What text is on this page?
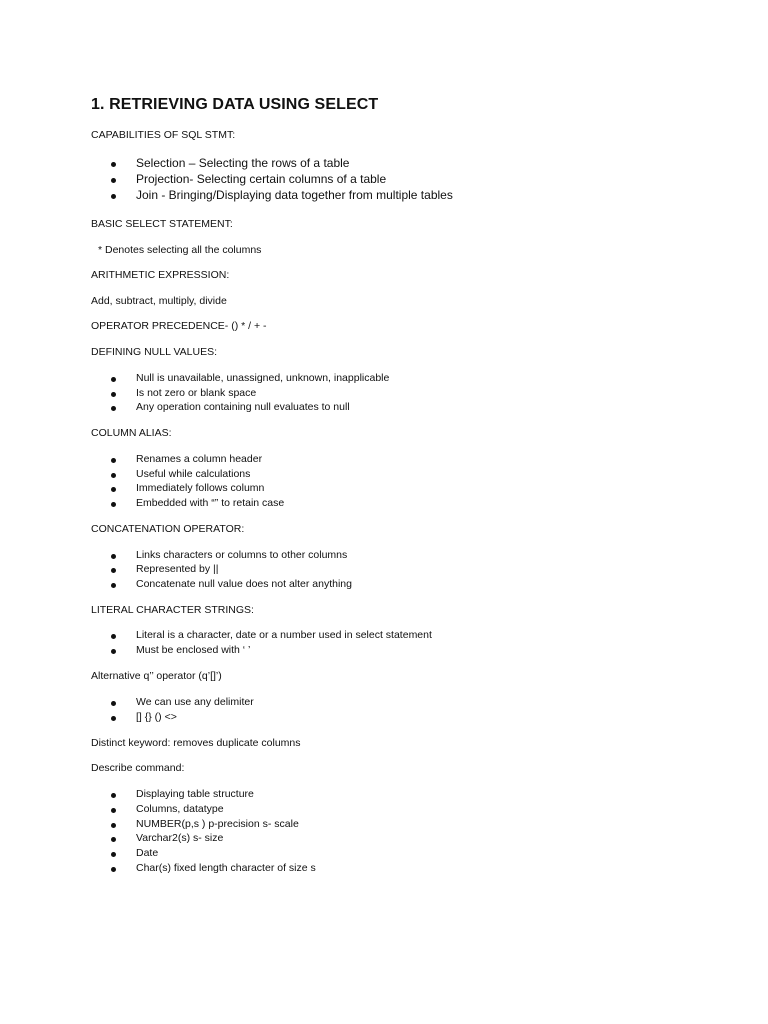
1. RETRIEVING DATA USING SELECT
CAPABILITIES OF SQL STMT:
Selection – Selecting the rows of a table
Projection- Selecting certain columns of a table
Join - Bringing/Displaying data together from multiple tables
BASIC SELECT STATEMENT:
* Denotes selecting all the columns
ARITHMETIC EXPRESSION:
Add, subtract, multiply, divide
OPERATOR PRECEDENCE- () * / + -
DEFINING NULL VALUES:
Null is unavailable, unassigned, unknown, inapplicable
Is not zero or blank space
Any operation containing null evaluates to null
COLUMN ALIAS:
Renames a column header
Useful while calculations
Immediately follows column
Embedded with “” to retain case
CONCATENATION OPERATOR:
Links characters or columns to other columns
Represented by ||
Concatenate null value does not alter anything
LITERAL CHARACTER STRINGS:
Literal is a character, date or a number used in select statement
Must be enclosed with ‘ ’
Alternative q’’ operator (q’[]’)
We can use any delimiter
[] {} () <>
Distinct keyword: removes duplicate columns
Describe command:
Displaying table structure
Columns, datatype
NUMBER(p,s ) p-precision s- scale
Varchar2(s) s- size
Date
Char(s) fixed length character of size s
